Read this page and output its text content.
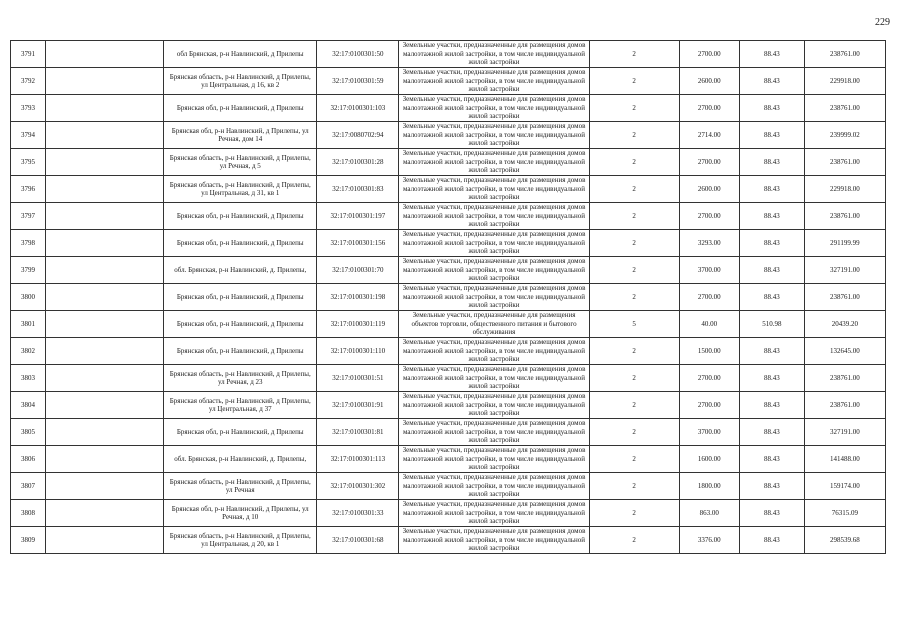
229
3791		обл Брянская, р-н Навлинский, д Прилепы	32:17:0100301:50	Земельные участки, предназначенные для размещения домов малоэтажной жилой застройки, в том числе индивидуальной жилой застройки	2	2700.00	88.43	238761.00
3792		Брянская область, р-н Навлинский, д Прилепы, ул Центральная, д 16, кв 2	32:17:0100301:59	Земельные участки, предназначенные для размещения домов малоэтажной жилой застройки, в том числе индивидуальной жилой застройки	2	2600.00	88.43	229918.00
3793		Брянская обл, р-н Навлинский, д Прилепы	32:17:0100301:103	Земельные участки, предназначенные для размещения домов малоэтажной жилой застройки, в том числе индивидуальной жилой застройки	2	2700.00	88.43	238761.00
3794		Брянская обл, р-н Навлинский, д Прилепы, ул Речная, дом 14	32:17:0080702:94	Земельные участки, предназначенные для размещения домов малоэтажной жилой застройки, в том числе индивидуальной жилой застройки	2	2714.00	88.43	239999.02
3795		Брянская область, р-н Навлинский, д Прилепы, ул Речная, д 5	32:17:0100301:28	Земельные участки, предназначенные для размещения домов малоэтажной жилой застройки, в том числе индивидуальной жилой застройки	2	2700.00	88.43	238761.00
3796		Брянская область, р-н Навлинский, д Прилепы, ул Центральная, д 31, кв 1	32:17:0100301:83	Земельные участки, предназначенные для размещения домов малоэтажной жилой застройки, в том числе индивидуальной жилой застройки	2	2600.00	88.43	229918.00
3797		Брянская обл, р-н Навлинский, д Прилепы	32:17:0100301:197	Земельные участки, предназначенные для размещения домов малоэтажной жилой застройки, в том числе индивидуальной жилой застройки	2	2700.00	88.43	238761.00
3798		Брянская обл, р-н Навлинский, д Прилепы	32:17:0100301:156	Земельные участки, предназначенные для размещения домов малоэтажной жилой застройки, в том числе индивидуальной жилой застройки	2	3293.00	88.43	291199.99
3799		обл. Брянская, р-н Навлинский, д. Прилепы,	32:17:0100301:70	Земельные участки, предназначенные для размещения домов малоэтажной жилой застройки, в том числе индивидуальной жилой застройки	2	3700.00	88.43	327191.00
3800		Брянская обл, р-н Навлинский, д Прилепы	32:17:0100301:198	Земельные участки, предназначенные для размещения домов малоэтажной жилой застройки, в том числе индивидуальной жилой застройки	2	2700.00	88.43	238761.00
3801		Брянская обл, р-н Навлинский, д Прилепы	32:17:0100301:119	Земельные участки, предназначенные для размещения объектов торговли, общественного питания и бытового обслуживания	5	40.00	510.98	20439.20
3802		Брянская обл, р-н Навлинский, д Прилепы	32:17:0100301:110	Земельные участки, предназначенные для размещения домов малоэтажной жилой застройки, в том числе индивидуальной жилой застройки	2	1500.00	88.43	132645.00
3803		Брянская область, р-н Навлинский, д Прилепы, ул Речная, д 23	32:17:0100301:51	Земельные участки, предназначенные для размещения домов малоэтажной жилой застройки, в том числе индивидуальной жилой застройки	2	2700.00	88.43	238761.00
3804		Брянская область, р-н Навлинский, д Прилепы, ул Центральная, д 37	32:17:0100301:91	Земельные участки, предназначенные для размещения домов малоэтажной жилой застройки, в том числе индивидуальной жилой застройки	2	2700.00	88.43	238761.00
3805		Брянская обл, р-н Навлинский, д Прилепы	32:17:0100301:81	Земельные участки, предназначенные для размещения домов малоэтажной жилой застройки, в том числе индивидуальной жилой застройки	2	3700.00	88.43	327191.00
3806		обл. Брянская, р-н Навлинский, д. Прилепы,	32:17:0100301:113	Земельные участки, предназначенные для размещения домов малоэтажной жилой застройки, в том числе индивидуальной жилой застройки	2	1600.00	88.43	141488.00
3807		Брянская область, р-н Навлинский, д Прилепы, ул Речная	32:17:0100301:302	Земельные участки, предназначенные для размещения домов малоэтажной жилой застройки, в том числе индивидуальной жилой застройки	2	1800.00	88.43	159174.00
3808		Брянская обл, р-н Навлинский, д Прилепы, ул Речная, д 10	32:17:0100301:33	Земельные участки, предназначенные для размещения домов малоэтажной жилой застройки, в том числе индивидуальной жилой застройки	2	863.00	88.43	76315.09
3809		Брянская область, р-н Навлинский, д Прилепы, ул Центральная, д 20, кв 1	32:17:0100301:68	Земельные участки, предназначенные для размещения домов малоэтажной жилой застройки, в том числе индивидуальной жилой застройки	2	3376.00	88.43	298539.68
